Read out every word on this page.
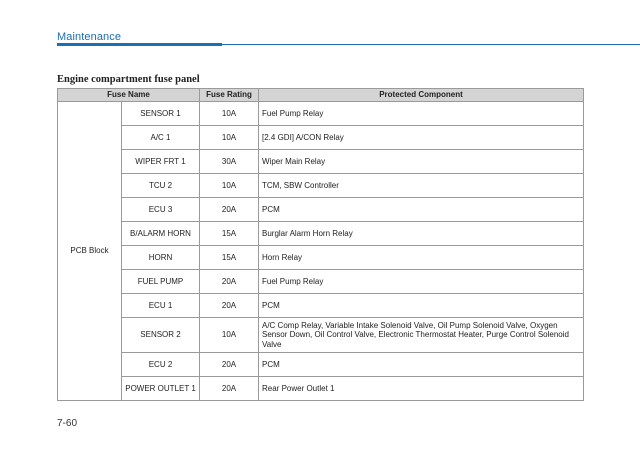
Maintenance
Engine compartment fuse panel
Fuse Name		Fuse Rating	Protected Component
PCB Block	SENSOR 1	10A	Fuel Pump Relay
	A/C 1	10A	[2.4 GDI] A/CON Relay
	WIPER FRT 1	30A	Wiper Main Relay
	TCU 2	10A	TCM, SBW Controller
	ECU 3	20A	PCM
	B/ALARM HORN	15A	Burglar Alarm Horn Relay
	HORN	15A	Horn Relay
	FUEL PUMP	20A	Fuel Pump Relay
	ECU 1	20A	PCM
	SENSOR 2	10A	A/C Comp Relay, Variable Intake Solenoid Valve, Oil Pump Solenoid Valve, Oxygen Sensor Down, Oil Control Valve, Electronic Thermostat Heater, Purge Control Solenoid Valve
	ECU 2	20A	PCM
	POWER OUTLET 1	20A	Rear Power Outlet 1
7-60
